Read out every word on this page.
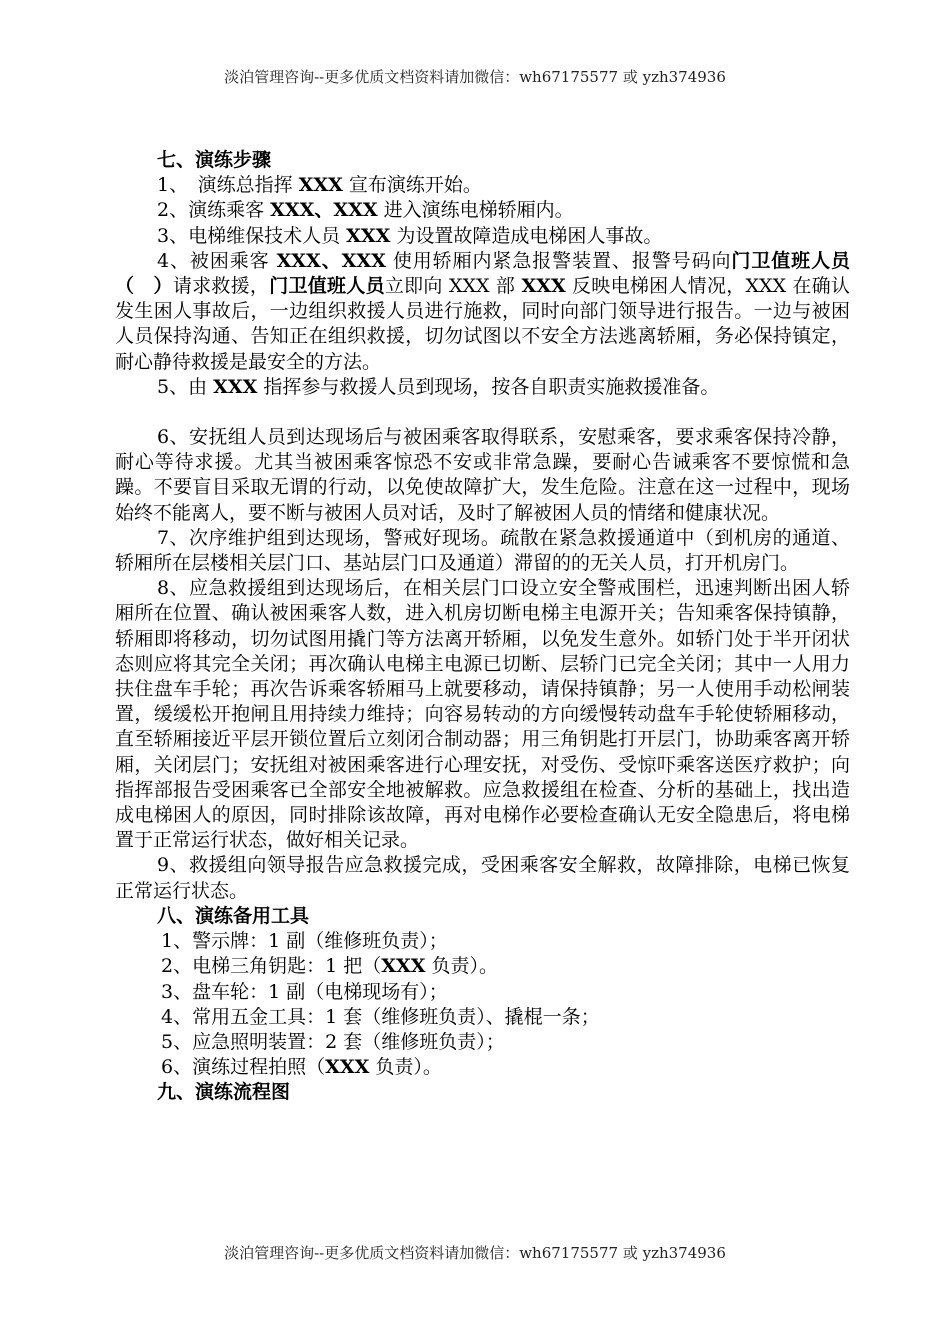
淡泊管理咨询--更多优质文档资料请加微信：wh67175577 或 yzh374936

七、演练步骤

1、　演练总指挥 XXX 宣布演练开始。

2、演练乘客 XXX、XXX 进入演练电梯轿厢内。

3、电梯维保技术人员 XXX 为设置故障造成电梯困人事故。

4、被困乘客 XXX、XXX 使用轿厢内紧急报警装置、报警号码向门卫值班人员（　）请求救援，门卫值班人员立即向 XXX 部 XXX 反映电梯困人情况，XXX 在确认发生困人事故后，一边组织救援人员进行施救，同时向部门领导进行报告。一边与被困人员保持沟通、告知正在组织救援，切勿试图以不安全方法逃离轿厢，务必保持镇定，耐心静待救援是最安全的方法。

5、由 XXX 指挥参与救援人员到现场，按各自职责实施救援准备。

6、安抚组人员到达现场后与被困乘客取得联系，安慰乘客，要求乘客保持冷静，耐心等待求援。尤其当被困乘客惊恐不安或非常急躁，要耐心告诫乘客不要惊慌和急躁。不要盲目采取无谓的行动，以免使故障扩大，发生危险。注意在这一过程中，现场始终不能离人，要不断与被困人员对话，及时了解被困人员的情绪和健康状况。

7、次序维护组到达现场，警戒好现场。疏散在紧急救援通道中（到机房的通道、轿厢所在层楼相关层门口、基站层门口及通道）滞留的的无关人员，打开机房门。

8、应急救援组到达现场后，在相关层门口设立安全警戒围栏，迅速判断出困人轿厢所在位置、确认被困乘客人数，进入机房切断电梯主电源开关；告知乘客保持镇静，轿厢即将移动，切勿试图用撬门等方法离开轿厢，以免发生意外。如轿门处于半开闭状态则应将其完全关闭；再次确认电梯主电源已切断、层轿门已完全关闭；其中一人用力扶住盘车手轮；再次告诉乘客轿厢马上就要移动，请保持镇静；另一人使用手动松闸装置，缓缓松开抱闸且用持续力维持；向容易转动的方向缓慢转动盘车手轮使轿厢移动，直至轿厢接近平层开锁位置后立刻闭合制动器；用三角钥匙打开层门，协助乘客离开轿厢，关闭层门；安抚组对被困乘客进行心理安抚，对受伤、受惊吓乘客送医疗救护；向指挥部报告受困乘客已全部安全地被解救。应急救援组在检查、分析的基础上，找出造成电梯困人的原因，同时排除该故障，再对电梯作必要检查确认无安全隐患后，将电梯置于正常运行状态，做好相关记录。

9、救援组向领导报告应急救援完成，受困乘客安全解救，故障排除，电梯已恢复正常运行状态。

八、演练备用工具

1、警示牌：1 副（维修班负责）；

2、电梯三角钥匙：1 把（XXX 负责）。

3、盘车轮：1 副（电梯现场有）；

4、常用五金工具：1 套（维修班负责）、撬棍一条；

5、应急照明装置：2 套（维修班负责）；

6、演练过程拍照（XXX 负责）。

九、演练流程图

淡泊管理咨询--更多优质文档资料请加微信：wh67175577 或 yzh374936
